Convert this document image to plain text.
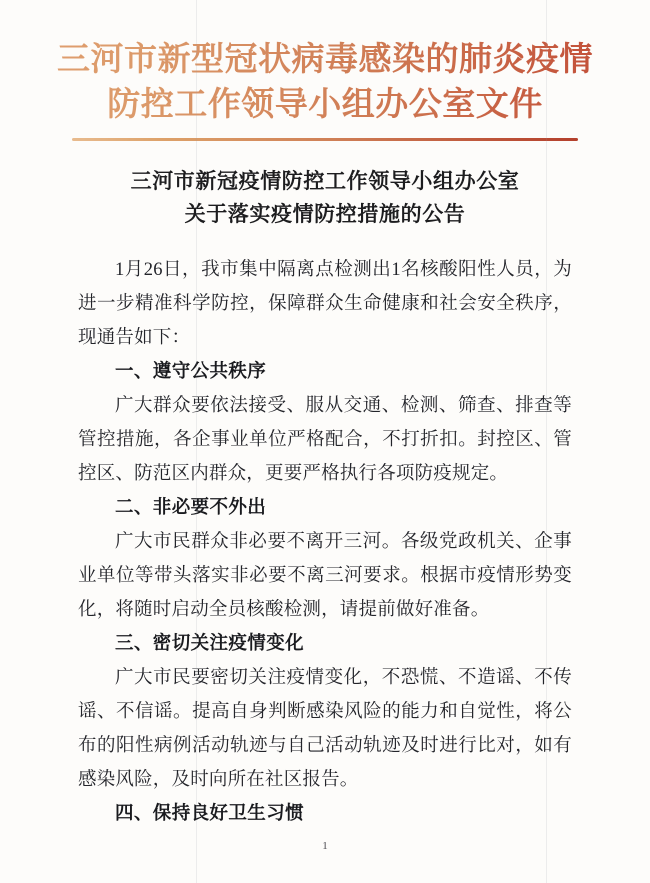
三河市新型冠状病毒感染的肺炎疫情
防控工作领导小组办公室文件
三河市新冠疫情防控工作领导小组办公室
关于落实疫情防控措施的公告

1月26日，我市集中隔离点检测出1名核酸阳性人员，为进一步精准科学防控，保障群众生命健康和社会安全秩序，现通告如下：

一、遵守公共秩序

广大群众要依法接受、服从交通、检测、筛查、排查等管控措施，各企事业单位严格配合，不打折扣。封控区、管控区、防范区内群众，更要严格执行各项防疫规定。

二、非必要不外出

广大市民群众非必要不离开三河。各级党政机关、企事业单位等带头落实非必要不离三河要求。根据市疫情形势变化，将随时启动全员核酸检测，请提前做好准备。

三、密切关注疫情变化

广大市民要密切关注疫情变化，不恐慌、不造谣、不传谣、不信谣。提高自身判断感染风险的能力和自觉性，将公布的阳性病例活动轨迹与自己活动轨迹及时进行比对，如有感染风险，及时向所在社区报告。

四、保持良好卫生习惯
1
